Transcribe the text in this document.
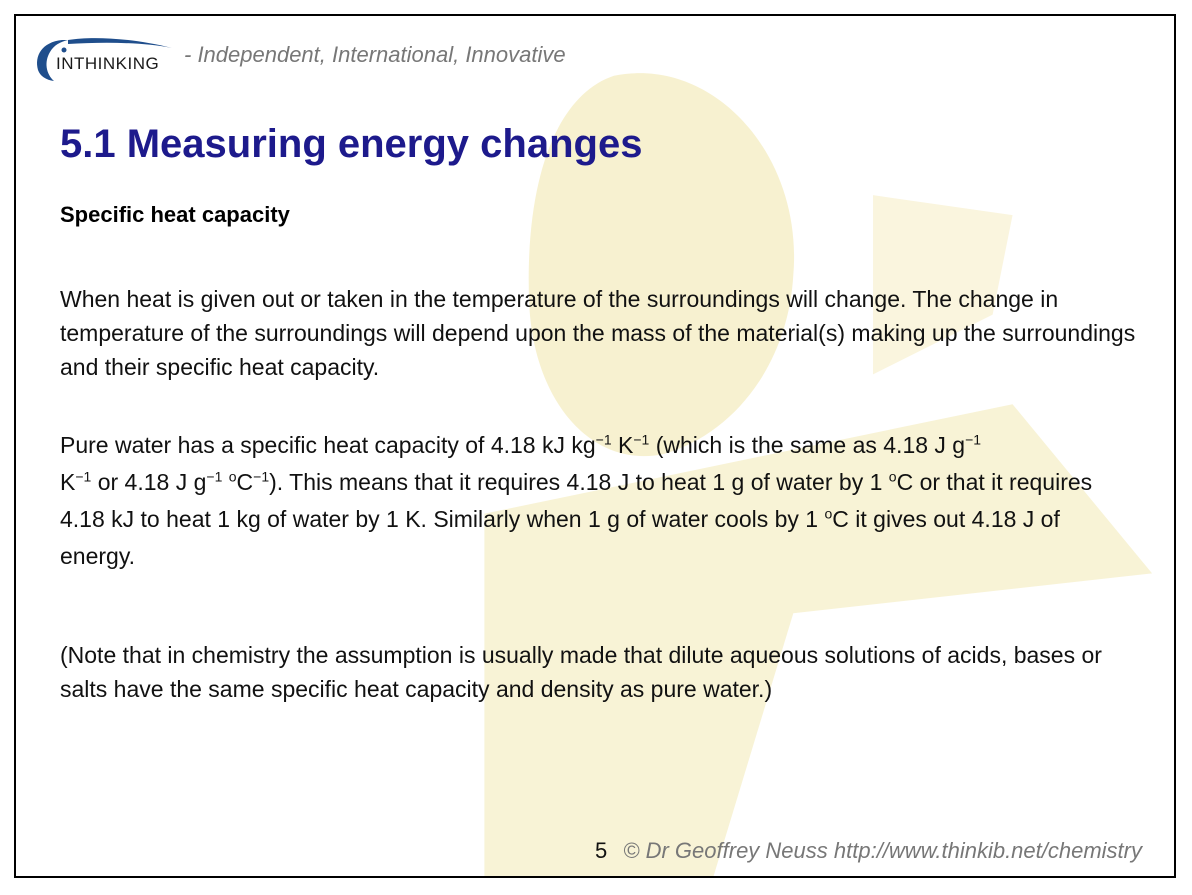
INTHINKING - Independent, International, Innovative
5.1 Measuring energy changes
Specific heat capacity

When heat is given out or taken in the temperature of the surroundings will change. The change in temperature of the surroundings will depend upon the mass of the material(s) making up the surroundings and their specific heat capacity.

Pure water has a specific heat capacity of 4.18 kJ $kg^{-1}$ $K^{-1}$ (which is the same as 4.18 J $g^{-1}$
$K^{-1}$ or 4.18 J $g^{-1}$ $^oC^{-1}$). This means that it requires 4.18 J to heat 1 g of water by 1 $^o$C or that it requires 4.18 kJ to heat 1 kg of water by 1 K. Similarly when 1 g of water cools by 1 $^o$C it gives out 4.18 J of energy.

(Note that in chemistry the assumption is usually made that dilute aqueous solutions of acids, bases or salts have the same specific heat capacity and density as pure water.)

5 © Dr Geoffrey Neuss http://www.thinkib.net/chemistry
